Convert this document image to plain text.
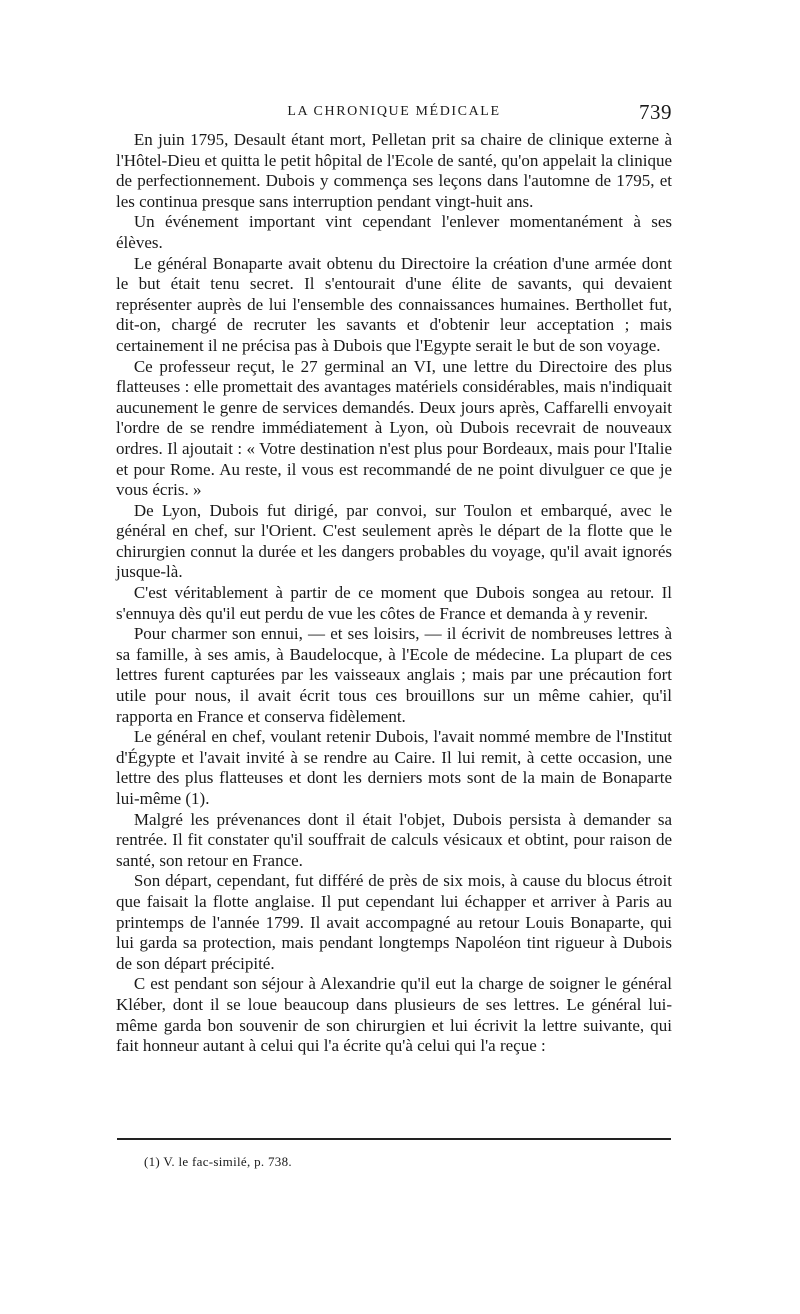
LA CHRONIQUE MÉDICALE	739

En juin 1795, Desault étant mort, Pelletan prit sa chaire de clinique externe à l'Hôtel-Dieu et quitta le petit hôpital de l'Ecole de santé, qu'on appelait la clinique de perfectionnement. Dubois y commença ses leçons dans l'automne de 1795, et les continua presque sans interruption pendant vingt-huit ans.

Un événement important vint cependant l'enlever momentanément à ses élèves.

Le général Bonaparte avait obtenu du Directoire la création d'une armée dont le but était tenu secret. Il s'entourait d'une élite de savants, qui devaient représenter auprès de lui l'ensemble des connaissances humaines. Berthollet fut, dit-on, chargé de recruter les savants et d'obtenir leur acceptation ; mais certainement il ne précisa pas à Dubois que l'Egypte serait le but de son voyage.

Ce professeur reçut, le 27 germinal an VI, une lettre du Directoire des plus flatteuses : elle promettait des avantages matériels considérables, mais n'indiquait aucunement le genre de services demandés. Deux jours après, Caffarelli envoyait l'ordre de se rendre immédiatement à Lyon, où Dubois recevrait de nouveaux ordres. Il ajoutait : « Votre destination n'est plus pour Bordeaux, mais pour l'Italie et pour Rome. Au reste, il vous est recommandé de ne point divulguer ce que je vous écris. »

De Lyon, Dubois fut dirigé, par convoi, sur Toulon et embarqué, avec le général en chef, sur l'Orient. C'est seulement après le départ de la flotte que le chirurgien connut la durée et les dangers probables du voyage, qu'il avait ignorés jusque-là.

C'est véritablement à partir de ce moment que Dubois songea au retour. Il s'ennuya dès qu'il eut perdu de vue les côtes de France et demanda à y revenir.

Pour charmer son ennui, — et ses loisirs, — il écrivit de nombreuses lettres à sa famille, à ses amis, à Baudelocque, à l'Ecole de médecine. La plupart de ces lettres furent capturées par les vaisseaux anglais ; mais par une précaution fort utile pour nous, il avait écrit tous ces brouillons sur un même cahier, qu'il rapporta en France et conserva fidèlement.

Le général en chef, voulant retenir Dubois, l'avait nommé membre de l'Institut d'Égypte et l'avait invité à se rendre au Caire. Il lui remit, à cette occasion, une lettre des plus flatteuses et dont les derniers mots sont de la main de Bonaparte lui-même (1).

Malgré les prévenances dont il était l'objet, Dubois persista à demander sa rentrée. Il fit constater qu'il souffrait de calculs vésicaux et obtint, pour raison de santé, son retour en France.

Son départ, cependant, fut différé de près de six mois, à cause du blocus étroit que faisait la flotte anglaise. Il put cependant lui échapper et arriver à Paris au printemps de l'année 1799. Il avait accompagné au retour Louis Bonaparte, qui lui garda sa protection, mais pendant longtemps Napoléon tint rigueur à Dubois de son départ précipité.

C est pendant son séjour à Alexandrie qu'il eut la charge de soigner le général Kléber, dont il se loue beaucoup dans plusieurs de ses lettres. Le général lui-même garda bon souvenir de son chirurgien et lui écrivit la lettre suivante, qui fait honneur autant à celui qui l'a écrite qu'à celui qui l'a reçue :

(1) V. le fac-similé, p. 738.
